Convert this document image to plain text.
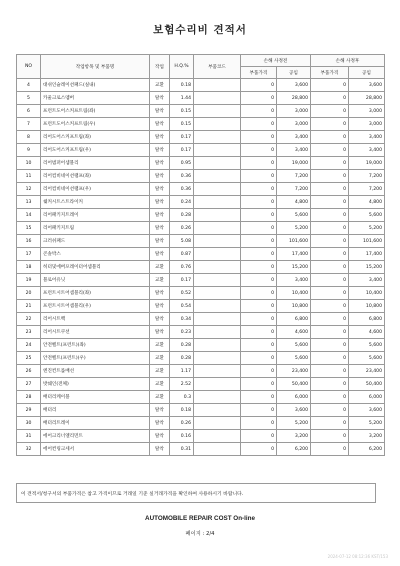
보험수리비 견적서
NO	작업항목 및 부품명	작업	H.Q.%	부품코드	손해 사정전		손해 사정후	
					부품가격	공임	부품가격	공임
4	대쉬인슐레이션패드(실내)	교환	0.18		0	3,600	0	3,600
5	카울크로스멤버	탈착	1.44		0	28,800	0	28,800
6	프런트도어스커프트림(좌)	탈착	0.15		0	3,000	0	3,000
7	프런트도어스커프트림(우)	탈착	0.15		0	3,000	0	3,000
8	리어도어스커프트림(좌)	탈착	0.17		0	3,400	0	3,400
9	리어도어스커프트림(우)	탈착	0.17		0	3,400	0	3,400
10	리어범퍼어셈블리	탈착	0.95		0	19,000	0	19,000
11	리어컴비네이션램프(좌)	탈착	0.36		0	7,200	0	7,200
12	리어컴비네이션램프(우)	탈착	0.36		0	7,200	0	7,200
13	쉐커시트스트라이커	탈착	0.24		0	4,800	0	4,800
14	리어패키지트레이	탈착	0.28		0	5,600	0	5,600
15	리어패키지트림	탈착	0.26		0	5,200	0	5,200
16	크러쉬패드	탈착	5.08		0	101,600	0	101,600
17	콘솔박스	탈착	0.87		0	17,400	0	17,400
18	히터및에버포레이터어셈블리	교환	0.76		0	15,200	0	15,200
19	블로어유닛	교환	0.17		0	3,400	0	3,400
20	프런트시트어셈블리(좌)	탈착	0.52		0	10,400	0	10,400
21	프런트시트어셈블리(우)	탈착	0.54		0	10,800	0	10,800
22	리어시트백	탈착	0.34		0	6,800	0	6,800
23	리어시트쿠션	탈착	0.23		0	4,600	0	4,600
24	안전벨트(프런트)(좌)	교환	0.28		0	5,600	0	5,600
25	안전벨트(프런트)(우)	교환	0.28		0	5,600	0	5,600
26	엔진컨트롤배선	교환	1.17		0	23,400	0	23,400
27	밧쉐인(전체)	교환	2.52		0	50,400	0	50,400
28	배터리케이블	교환	0.3		0	6,000	0	6,000
29	배터리	탈착	0.18		0	3,600	0	3,600
30	배터리트레이	탈착	0.26		0	5,200	0	5,200
31	에어크리너엘리먼트	탈착	0.16		0	3,200	0	3,200
32	에어컨링크세서	탈착	0.31		0	6,200	0	6,200
이 견적서/청구서의 부품가격은 참고 가격이므로 거래일 기준 실거래가격을 확인하여 사용하시기 바랍니다.
AUTOMOBILE REPAIR COST On-line
페이지 : 2/4
2024-07-12 08:12:36 KST/153
